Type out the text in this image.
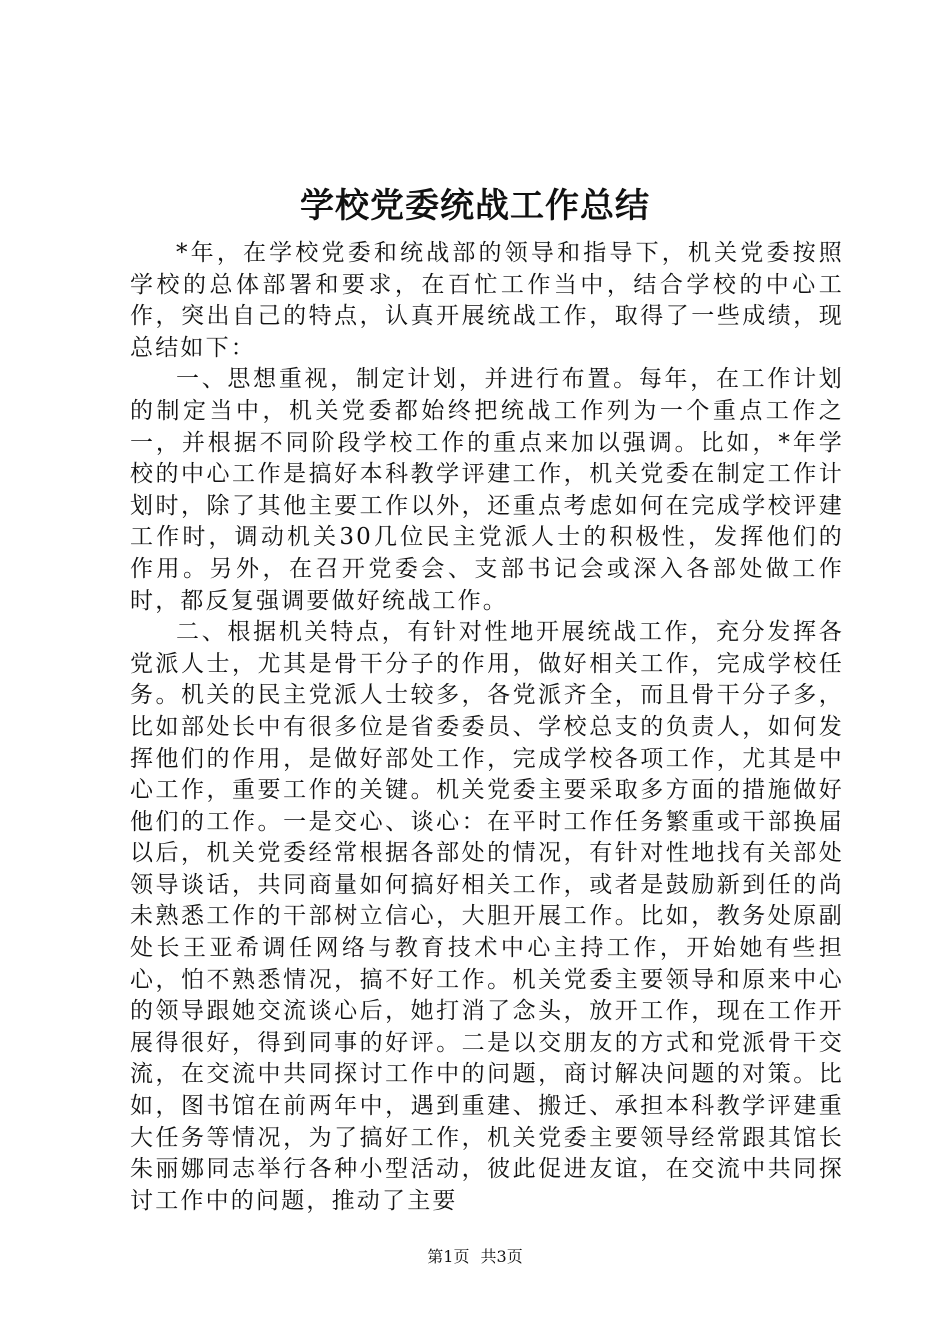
学校党委统战工作总结

*年，在学校党委和统战部的领导和指导下，机关党委按照学校的总体部署和要求，在百忙工作当中，结合学校的中心工作，突出自己的特点，认真开展统战工作，取得了一些成绩，现总结如下：

一、思想重视，制定计划，并进行布置。每年，在工作计划的制定当中，机关党委都始终把统战工作列为一个重点工作之一，并根据不同阶段学校工作的重点来加以强调。比如，*年学校的中心工作是搞好本科教学评建工作，机关党委在制定工作计划时，除了其他主要工作以外，还重点考虑如何在完成学校评建工作时，调动机关30几位民主党派人士的积极性，发挥他们的作用。另外，在召开党委会、支部书记会或深入各部处做工作时，都反复强调要做好统战工作。

二、根据机关特点，有针对性地开展统战工作，充分发挥各党派人士，尤其是骨干分子的作用，做好相关工作，完成学校任务。机关的民主党派人士较多，各党派齐全，而且骨干分子多，比如部处长中有很多位是省委委员、学校总支的负责人，如何发挥他们的作用，是做好部处工作，完成学校各项工作，尤其是中心工作，重要工作的关键。机关党委主要采取多方面的措施做好他们的工作。一是交心、谈心：在平时工作任务繁重或干部换届以后，机关党委经常根据各部处的情况，有针对性地找有关部处领导谈话，共同商量如何搞好相关工作，或者是鼓励新到任的尚未熟悉工作的干部树立信心，大胆开展工作。比如，教务处原副处长王亚希调任网络与教育技术中心主持工作，开始她有些担心，怕不熟悉情况，搞不好工作。机关党委主要领导和原来中心的领导跟她交流谈心后，她打消了念头，放开工作，现在工作开展得很好，得到同事的好评。二是以交朋友的方式和党派骨干交流，在交流中共同探讨工作中的问题，商讨解决问题的对策。比如，图书馆在前两年中，遇到重建、搬迁、承担本科教学评建重大任务等情况，为了搞好工作，机关党委主要领导经常跟其馆长朱丽娜同志举行各种小型活动，彼此促进友谊，在交流中共同探讨工作中的问题，推动了主要

第1页 共3页
